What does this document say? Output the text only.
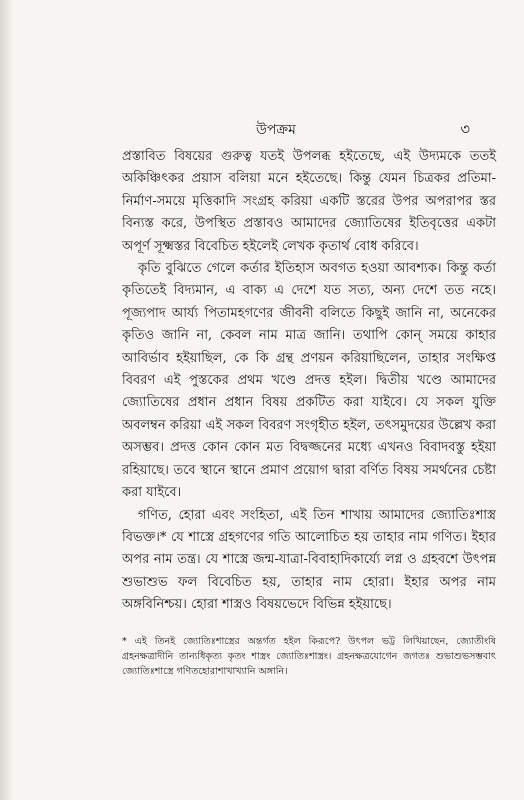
উপক্রম	৩

প্রস্তাবিত বিষয়ের গুরুত্ব যতই উপলব্ধ হইতেছে, এই উদ্যমকে ততই অকিঞ্চিৎকর প্রয়াস বলিয়া মনে হইতেছে। কিন্তু যেমন চিত্রকর প্রতিমা-নির্মাণ-সময়ে মৃত্তিকাদি সংগ্রহ করিয়া একটি স্তরের উপর অপরাপর স্তর বিন্যস্ত করে, উপস্থিত প্রস্তাবও আমাদের জ্যোতিষের ইতিবৃত্তের একটা অপূর্ণ সূক্ষ্মস্তর বিবেচিত হইলেই লেখক কৃতার্থ বোধ করিবে।

কৃতি বুঝিতে গেলে কর্তার ইতিহাস অবগত হওয়া আবশ্যক। কিন্তু কর্তা কৃতিতেই বিদ্যমান, এ বাক্য এ দেশে যত সত্য, অন্য দেশে তত নহে। পূজ্যপাদ আর্য্য পিতামহগণের জীবনী বলিতে কিছুই জানি না, অনেকের কৃতিও জানি না, কেবল নাম মাত্র জানি। তথাপি কোন্ সময়ে কাহার আবির্ভাব হইয়াছিল, কে কি গ্রন্থ প্রণয়ন করিয়াছিলেন, তাহার সংক্ষিপ্ত বিবরণ এই পুস্তকের প্রথম খণ্ডে প্রদত্ত হইল। দ্বিতীয় খণ্ডে আমাদের জ্যোতিষের প্রধান প্রধান বিষয় প্রকটিত করা যাইবে। যে সকল যুক্তি অবলম্বন করিয়া এই সকল বিবরণ সংগৃহীত হইল, তৎসমুদয়ের উল্লেখ করা অসম্ভব। প্রদত্ত কোন কোন মত বিদ্বজ্জনের মধ্যে এখনও বিবাদবস্তু হইয়া রহিয়াছে। তবে স্থানে স্থানে প্রমাণ প্রয়োগ দ্বারা বর্ণিত বিষয় সমর্থনের চেষ্টা করা যাইবে।

গণিত, হোরা এবং সংহিতা, এই তিন শাখায় আমাদের জ্যোতিঃশাস্ত্র বিভক্ত।* যে শাস্ত্রে গ্রহগণের গতি আলোচিত হয় তাহার নাম গণিত। ইহার অপর নাম তন্ত্র। যে শাস্ত্রে জন্ম-যাত্রা-বিবাহাদিকার্য্যে লগ্ন ও গ্রহবশে উৎপন্ন শুভাশুভ ফল বিবেচিত হয়, তাহার নাম হোরা। ইহার অপর নাম অঙ্গবিনিশ্চয়। হোরা শাস্ত্রও বিষয়ভেদে বিভিন্ন হইয়াছে।

* এই তিনই জ্যোতিঃশাস্ত্রের অন্তর্গত হইল কিরূপে? উৎপল ভট্ট লিখিয়াছেন, জ্যোতীংষি গ্রহনক্ষত্রাদীনি তান্যধিকৃত্য কৃতং শাস্ত্রং জ্যোতিঃশাস্ত্রং। গ্রহনক্ষত্রযোগেন জগতঃ শুভাশুভসম্ভবাৎ জ্যোতিঃশাস্ত্রে গণিতহোরাশাখাখ্যানি অঙ্গানি।
